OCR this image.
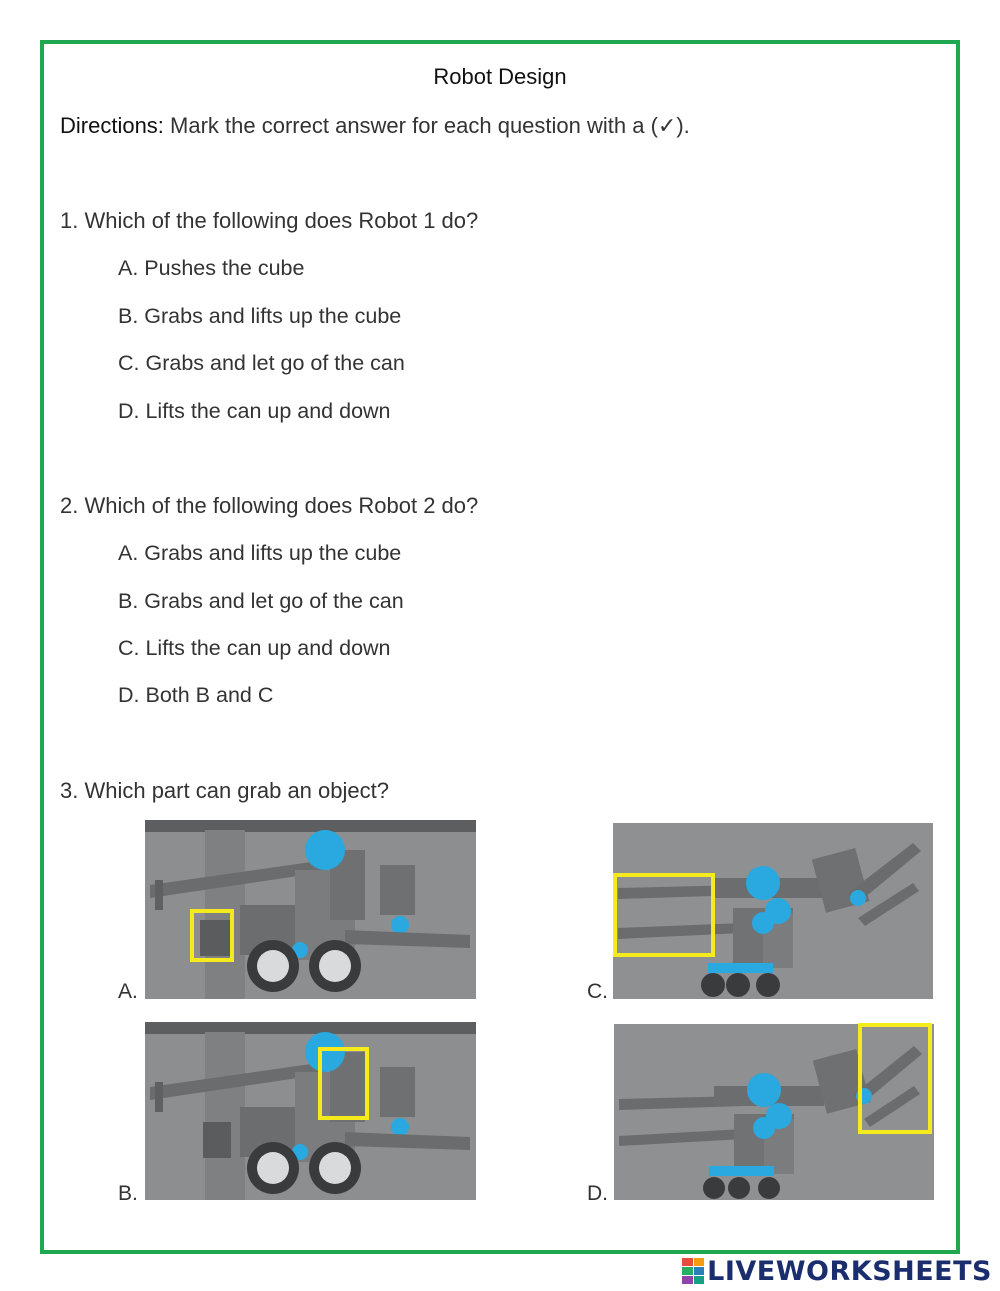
Robot Design
Directions: Mark the correct answer for each question with a (✓).
1. Which of the following does Robot 1 do?
A. Pushes the cube
B. Grabs and lifts up the cube
C. Grabs and let go of the can
D. Lifts the can up and down
2. Which of the following does Robot 2 do?
A. Grabs and lifts up the cube
B. Grabs and let go of the can
C. Lifts the can up and down
D. Both B and C
3. Which part can grab an object?
A.	C.
B.	D.
LIVEWORKSHEETS
